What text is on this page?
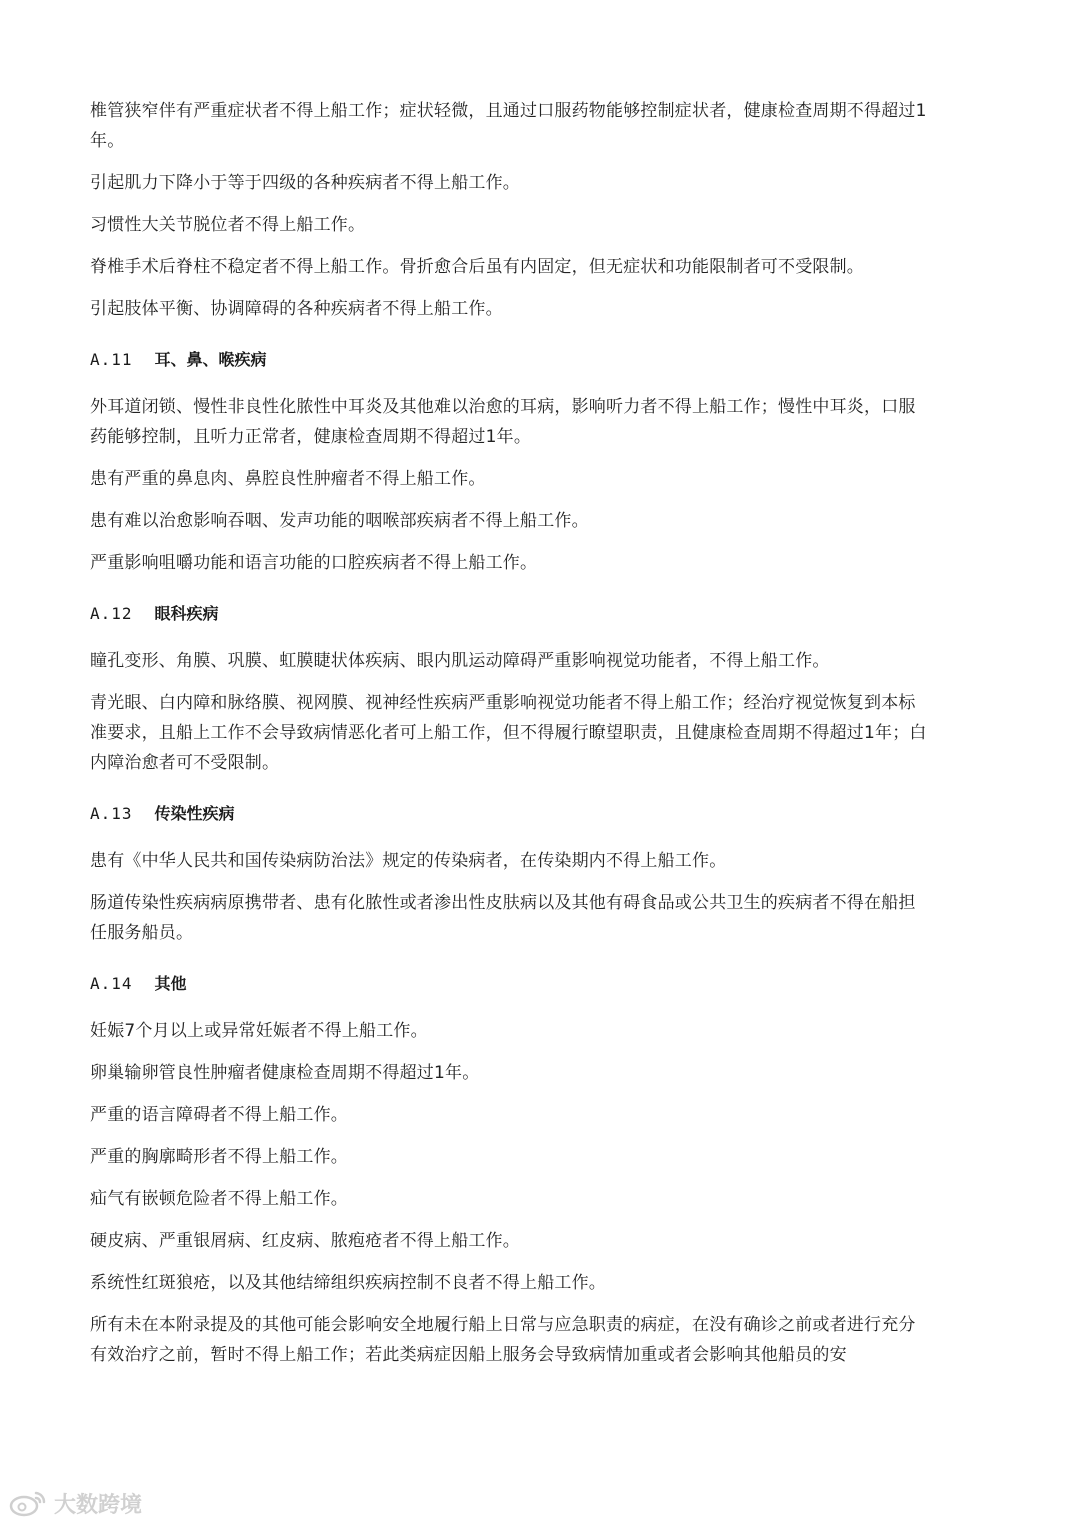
椎管狭窄伴有严重症状者不得上船工作；症状轻微，且通过口服药物能够控制症状者，健康检查周期不得超过1年。

引起肌力下降小于等于四级的各种疾病者不得上船工作。

习惯性大关节脱位者不得上船工作。

脊椎手术后脊柱不稳定者不得上船工作。骨折愈合后虽有内固定，但无症状和功能限制者可不受限制。

引起肢体平衡、协调障碍的各种疾病者不得上船工作。

A.11 耳、鼻、喉疾病

外耳道闭锁、慢性非良性化脓性中耳炎及其他难以治愈的耳病，影响听力者不得上船工作；慢性中耳炎，口服药能够控制，且听力正常者，健康检查周期不得超过1年。

患有严重的鼻息肉、鼻腔良性肿瘤者不得上船工作。

患有难以治愈影响吞咽、发声功能的咽喉部疾病者不得上船工作。

严重影响咀嚼功能和语言功能的口腔疾病者不得上船工作。

A.12 眼科疾病

瞳孔变形、角膜、巩膜、虹膜睫状体疾病、眼内肌运动障碍严重影响视觉功能者，不得上船工作。

青光眼、白内障和脉络膜、视网膜、视神经性疾病严重影响视觉功能者不得上船工作；经治疗视觉恢复到本标准要求，且船上工作不会导致病情恶化者可上船工作，但不得履行瞭望职责，且健康检查周期不得超过1年；白内障治愈者可不受限制。

A.13 传染性疾病

患有《中华人民共和国传染病防治法》规定的传染病者，在传染期内不得上船工作。

肠道传染性疾病病原携带者、患有化脓性或者渗出性皮肤病以及其他有碍食品或公共卫生的疾病者不得在船担任服务船员。

A.14 其他

妊娠7个月以上或异常妊娠者不得上船工作。

卵巢输卵管良性肿瘤者健康检查周期不得超过1年。

严重的语言障碍者不得上船工作。

严重的胸廓畸形者不得上船工作。

疝气有嵌顿危险者不得上船工作。

硬皮病、严重银屑病、红皮病、脓疱疮者不得上船工作。

系统性红斑狼疮，以及其他结缔组织疾病控制不良者不得上船工作。

所有未在本附录提及的其他可能会影响安全地履行船上日常与应急职责的病症，在没有确诊之前或者进行充分有效治疗之前，暂时不得上船工作；若此类病症因船上服务会导致病情加重或者会影响其他船员的安

大数跨境
